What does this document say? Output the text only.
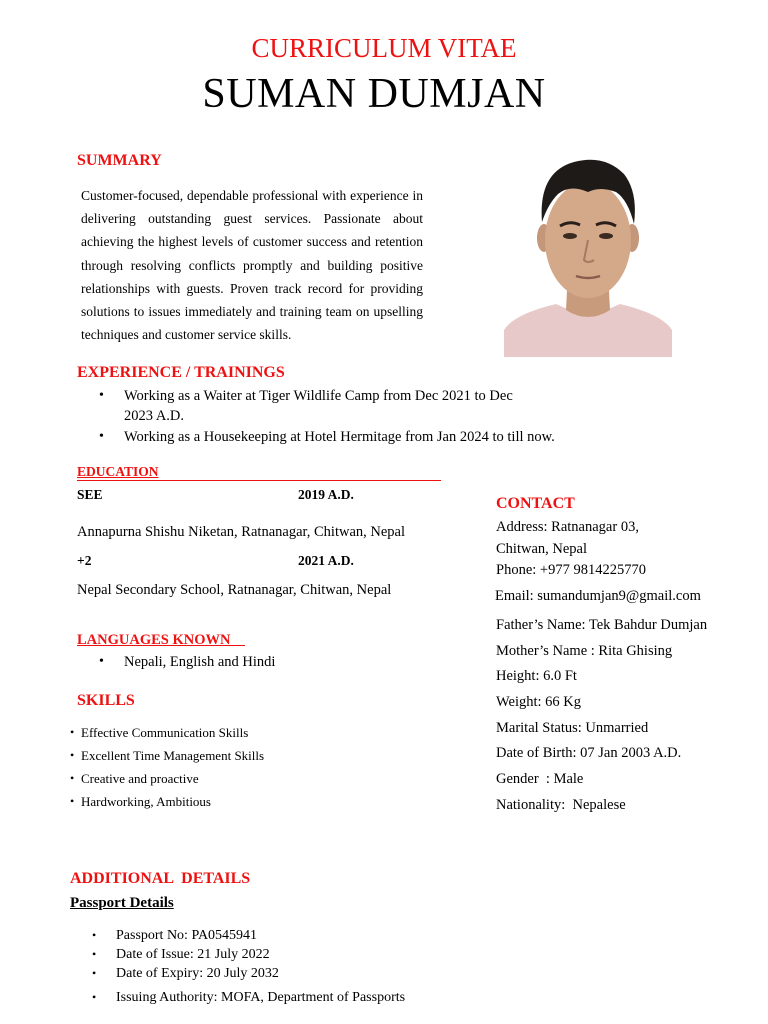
CURRICULUM VITAE
SUMAN DUMJAN
SUMMARY
Customer-focused, dependable professional with experience in delivering outstanding guest services. Passionate about achieving the highest levels of customer success and retention through resolving conflicts promptly and building positive relationships with guests. Proven track record for providing solutions to issues immediately and training team on upselling techniques and customer service skills.
EXPERIENCE / TRAININGS
• Working as a Waiter at Tiger Wildlife Camp from Dec 2021 to Dec 2023 A.D.
• Working as a Housekeeping at Hotel Hermitage from Jan 2024 to till now.
EDUCATION
SEE	2019 A.D.
Annapurna Shishu Niketan, Ratnanagar, Chitwan, Nepal
+2	2021 A.D.
Nepal Secondary School, Ratnanagar, Chitwan, Nepal
LANGUAGES KNOWN
• Nepali, English and Hindi
SKILLS
• Effective Communication Skills
• Excellent Time Management Skills
• Creative and proactive
• Hardworking, Ambitious
CONTACT
Address: Ratnanagar 03,
Chitwan, Nepal
Phone: +977 9814225770
Email: sumandumjan9@gmail.com
Father’s Name: Tek Bahdur Dumjan
Mother’s Name : Rita Ghising
Height: 6.0 Ft
Weight: 66 Kg
Marital Status: Unmarried
Date of Birth: 07 Jan 2003 A.D.
Gender  : Male
Nationality:  Nepalese
ADDITIONAL  DETAILS
Passport Details
• Passport No: PA0545941
• Date of Issue: 21 July 2022
• Date of Expiry: 20 July 2032
• Issuing Authority: MOFA, Department of Passports
